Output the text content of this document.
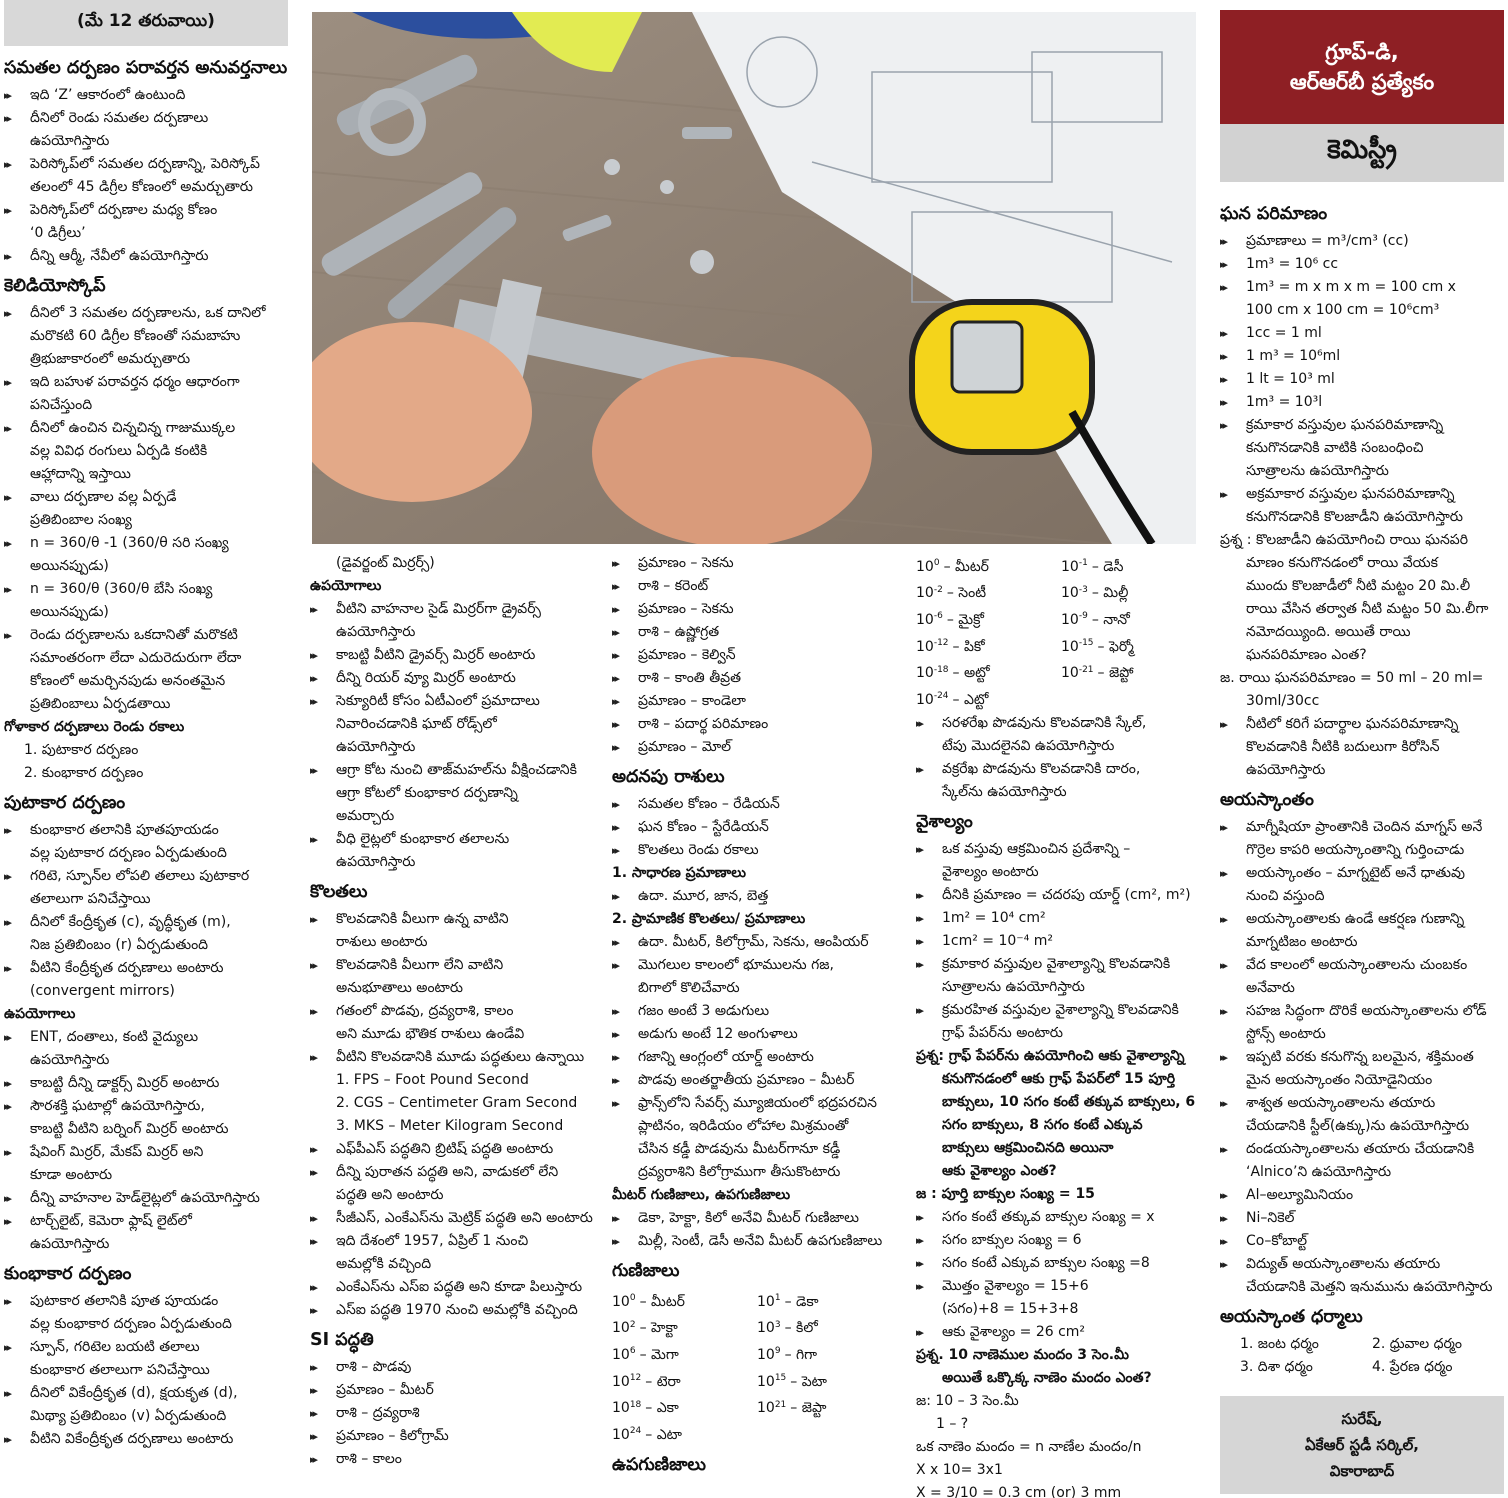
(మే 12 తరువాయి)
సమతల దర్పణం పరావర్తన అనువర్తనాలు
▸▸ ఇది ‘Z’ ఆకారంలో ఉంటుంది
▸▸ దీనిలో రెండు సమతల దర్పణాలు
ఉపయోగిస్తారు
▸▸ పెరిస్కోప్‌లో సమతల దర్పణాన్ని, పెరిస్కోప్
తలంలో 45 డిగ్రీల కోణంలో అమర్చుతారు
▸▸ పెరిస్కోప్‌లో దర్పణాల మధ్య కోణం
‘0 డిగ్రీలు’
▸▸ దీన్ని ఆర్మీ, నేవీలో ఉపయోగిస్తారు
కెలిడియోస్కోప్
▸▸ దీనిలో 3 సమతల దర్పణాలను, ఒక దానిలో
మరొకటి 60 డిగ్రీల కోణంతో సమబాహు
త్రిభుజాకారంలో అమర్చుతారు
▸▸ ఇది బహుళ పరావర్తన ధర్మం ఆధారంగా
పనిచేస్తుంది
▸▸ దీనిలో ఉంచిన చిన్నచిన్న గాజుముక్కల
వల్ల వివిధ రంగులు ఏర్పడి కంటికి
ఆహ్లాదాన్ని ఇస్తాయి
▸▸ వాలు దర్పణాల వల్ల ఏర్పడే
ప్రతిబింబాల సంఖ్య
▸▸ n = 360/θ -1 (360/θ సరి సంఖ్య
అయినప్పుడు)
▸▸ n = 360/θ (360/θ బేసి సంఖ్య
అయినప్పుడు)
▸▸ రెండు దర్పణాలను ఒకదానితో మరొకటి
సమాంతరంగా లేదా ఎదురెదురుగా లేదా
కోణంలో అమర్చినపుడు అనంతమైన
ప్రతిబింబాలు ఏర్పడతాయి
గోళాకార దర్పణాలు రెండు రకాలు
1. పుటాకార దర్పణం
2. కుంభాకార దర్పణం
పుటాకార దర్పణం
▸▸ కుంభాకార తలానికి పూతపూయడం
వల్ల పుటాకార దర్పణం ఏర్పడుతుంది
▸▸ గరిటె, స్పూన్‌ల లోపలి తలాలు పుటాకార
తలాలుగా పనిచేస్తాయి
▸▸ దీనిలో కేంద్రీకృత (c), వృద్ధీకృత (m),
నిజ ప్రతిబింబం (r) ఏర్పడుతుంది
▸▸ వీటిని కేంద్రీకృత దర్పణాలు అంటారు
(convergent mirrors)
ఉపయోగాలు
▸▸ ENT, దంతాలు, కంటి వైద్యులు
ఉపయోగిస్తారు
▸▸ కాబట్టి దీన్ని డాక్టర్స్ మిర్రర్ అంటారు
▸▸ సౌరశక్తి ఘటాల్లో ఉపయోగిస్తారు,
కాబట్టి వీటిని బర్నింగ్ మిర్రర్ అంటారు
▸▸ షేవింగ్ మిర్రర్, మేకప్ మిర్రర్ అని
కూడా అంటారు
▸▸ దీన్ని వాహనాల హెడ్‌లైట్లలో ఉపయోగిస్తారు
▸▸ టార్చ్‌లైట్, కెమెరా ఫ్లాష్ లైట్‌లో
ఉపయోగిస్తారు
కుంభాకార దర్పణం
▸▸ పుటాకార తలానికి పూత పూయడం
వల్ల కుంభాకార దర్పణం ఏర్పడుతుంది
▸▸ స్పూన్, గరిటెల బయటి తలాలు
కుంభాకార తలాలుగా పనిచేస్తాయి
▸▸ దీనిలో వికేంద్రీకృత (d), క్షయకృత (d),
మిథ్యా ప్రతిబింబం (v) ఏర్పడుతుంది
▸▸ వీటిని వికేంద్రీకృత దర్పణాలు అంటారు
(డైవర్జంట్ మిర్రర్స్)
ఉపయోగాలు
▸▸ వీటిని వాహనాల సైడ్ మిర్రర్‌గా డ్రైవర్స్
ఉపయోగిస్తారు
▸▸ కాబట్టి వీటిని డ్రైవర్స్ మిర్రర్ అంటారు
▸▸ దీన్ని రియర్ వ్యూ మిర్రర్ అంటారు
▸▸ సెక్యూరిటీ కోసం ఏటీఎంలో ప్రమాదాలు
నివారించడానికి ఘాట్ రోడ్స్‌లో
ఉపయోగిస్తారు
▸▸ ఆగ్రా కోట నుంచి తాజ్‌మహల్‌ను వీక్షించడానికి
ఆగ్రా కోటలో కుంభాకార దర్పణాన్ని
అమర్చారు
▸▸ వీధి లైట్లలో కుంభాకార తలాలను
ఉపయోగిస్తారు
కొలతలు
▸▸ కొలవడానికి వీలుగా ఉన్న వాటిని
రాశులు అంటారు
▸▸ కొలవడానికి వీలుగా లేని వాటిని
అనుభూతాలు అంటారు
▸▸ గతంలో పొడవు, ద్రవ్యరాశి, కాలం
అని మూడు భౌతిక రాశులు ఉండేవి
▸▸ వీటిని కొలవడానికి మూడు పద్ధతులు ఉన్నాయి
1. FPS – Foot Pound Second
2. CGS – Centimeter Gram Second
3. MKS – Meter Kilogram Second
▸▸ ఎఫ్‌పీఎస్ పద్ధతిని బ్రిటిష్ పద్ధతి అంటారు
▸▸ దీన్ని పురాతన పద్ధతి అని, వాడుకలో లేని
పద్ధతి అని అంటారు
▸▸ సీజీఎస్, ఎంకేఎస్‌ను మెట్రిక్ పద్ధతి అని అంటారు
▸▸ ఇది దేశంలో 1957, ఏప్రిల్ 1 నుంచి
అమల్లోకి వచ్చింది
▸▸ ఎంకేఎస్‌ను ఎస్ఐ పద్ధతి అని కూడా పిలుస్తారు
▸▸ ఎస్ఐ పద్ధతి 1970 నుంచి అమల్లోకి వచ్చింది
SI పద్ధతి
▸▸ రాశి – పొడవు
▸▸ ప్రమాణం – మీటర్
▸▸ రాశి – ద్రవ్యరాశి
▸▸ ప్రమాణం – కిలోగ్రామ్
▸▸ రాశి – కాలం
▸▸ ప్రమాణం – సెకను
▸▸ రాశి – కరెంట్
▸▸ ప్రమాణం – సెకను
▸▸ రాశి – ఉష్ణోగ్రత
▸▸ ప్రమాణం – కెల్విన్
▸▸ రాశి – కాంతి తీవ్రత
▸▸ ప్రమాణం – కాండెలా
▸▸ రాశి – పదార్థ పరిమాణం
▸▸ ప్రమాణం – మోల్
అదనపు రాశులు
▸▸ సమతల కోణం – రేడియన్
▸▸ ఘన కోణం – స్టేరేడియన్
▸▸ కొలతలు రెండు రకాలు
1. సాధారణ ప్రమాణాలు
▸▸ ఉదా. మూర, జాన, బెత్త
2. ప్రామాణిక కొలతలు/ ప్రమాణాలు
▸▸ ఉదా. మీటర్, కిలోగ్రామ్, సెకను, ఆంపియర్
▸▸ మొగలుల కాలంలో భూములను గజ,
బిగాలో కొలిచేవారు
▸▸ గజం అంటే 3 అడుగులు
▸▸ అడుగు అంటే 12 అంగుళాలు
▸▸ గజాన్ని ఆంగ్లంలో యార్డ్ అంటారు
▸▸ పొడవు అంతర్జాతీయ ప్రమాణం – మీటర్
▸▸ ఫ్రాన్స్‌లోని సేవర్స్ మ్యూజియంలో భద్రపరచిన
ప్లాటినం, ఇరిడియం లోహాల మిశ్రమంతో
చేసిన కడ్డీ పొడవును మీటర్‌గానూ కడ్డీ
ద్రవ్యరాశిని కిలోగ్రాముగా తీసుకొంటారు
మీటర్ గుణిజాలు, ఉపగుణిజాలు
▸▸ డెకా, హెక్టా, కిలో అనేవి మీటర్ గుణిజాలు
▸▸ మిల్లీ, సెంటీ, డెసీ అనేవి మీటర్ ఉపగుణిజాలు
గుణిజాలు
$10^0$ – మీటర్	$10^1$ – డెకా
$10^2$ – హెక్టా	$10^3$ – కిలో
$10^6$ – మెగా	$10^9$ – గిగా
$10^{12}$ – టెరా	$10^{15}$ – పెటా
$10^{18}$ – ఎకా	$10^{21}$ – జెప్టా
$10^{24}$ – ఎటా
ఉపగుణిజాలు
$10^0$ – మీటర్	$10^{-1}$ – డెసీ
$10^{-2}$ – సెంటీ	$10^{-3}$ – మిల్లీ
$10^{-6}$ – మైక్రో	$10^{-9}$ – నానో
$10^{-12}$ – పికో	$10^{-15}$ – ఫెర్మో
$10^{-18}$ – అట్టో	$10^{-21}$ – జెప్టో
$10^{-24}$ – ఎట్టో
▸▸ సరళరేఖ పొడవును కొలవడానికి స్కేల్,
టేపు మొదలైనవి ఉపయోగిస్తారు
▸▸ వక్రరేఖ పొడవును కొలవడానికి దారం,
స్కేల్‌ను ఉపయోగిస్తారు
వైశాల్యం
▸▸ ఒక వస్తువు ఆక్రమించిన ప్రదేశాన్ని –
వైశాల్యం అంటారు
▸▸ దీనికి ప్రమాణం = చదరపు యార్డ్ (cm², m²)
▸▸ 1m² = 10⁴ cm²
▸▸ 1cm² = 10⁻⁴ m²
▸▸ క్రమాకార వస్తువుల వైశాల్యాన్ని కొలవడానికి
సూత్రాలను ఉపయోగిస్తారు
▸▸ క్రమరహిత వస్తువుల వైశాల్యాన్ని కొలవడానికి
గ్రాఫ్ పేపర్‌ను అంటారు
ప్రశ్న: గ్రాఫ్ పేపర్‌ను ఉపయోగించి ఆకు వైశాల్యాన్ని
కనుగొనడంలో ఆకు గ్రాఫ్ పేపర్‌లో 15 పూర్తి
బాక్సులు, 10 సగం కంటే తక్కువ బాక్సులు, 6
సగం బాక్సులు, 8 సగం కంటే ఎక్కువ
బాక్సులు ఆక్రమించినది అయినా
ఆకు వైశాల్యం ఎంత?
జ : పూర్తి బాక్సుల సంఖ్య = 15
▸▸ సగం కంటే తక్కువ బాక్సుల సంఖ్య = x
▸▸ సగం బాక్సుల సంఖ్య = 6
▸▸ సగం కంటే ఎక్కువ బాక్సుల సంఖ్య =8
▸▸ మొత్తం వైశాల్యం = 15+6
(సగం)+8 = 15+3+8
▸▸ ఆకు వైశాల్యం = 26 cm²
ప్రశ్న. 10 నాణెముల మందం 3 సెం.మీ
అయితే ఒక్కొక్క నాణెం మందం ఎంత?
జ: 10 – 3 సెం.మీ
1 – ?
ఒక నాణెం మందం = n నాణేల మందం/n
X x 10= 3x1
X = 3/10 = 0.3 cm (or) 3 mm
గ్రూప్-డి,
ఆర్‌ఆర్‌బీ ప్రత్యేకం
కెమిస్ట్రీ
ఘన పరిమాణం
▸▸ ప్రమాణాలు = m³/cm³ (cc)
▸▸ 1m³ = 10⁶ cc
▸▸ 1m³ = m x m x m = 100 cm x
100 cm x 100 cm = 10⁶cm³
▸▸ 1cc = 1 ml
▸▸ 1 m³ = 10⁶ml
▸▸ 1 lt = 10³ ml
▸▸ 1m³ = 10³l
▸▸ క్రమాకార వస్తువుల ఘనపరిమాణాన్ని
కనుగొనడానికి వాటికి సంబంధించి
సూత్రాలను ఉపయోగిస్తారు
▸▸ అక్రమాకార వస్తువుల ఘనపరిమాణాన్ని
కనుగొనడానికి కొలజాడీని ఉపయోగిస్తారు
ప్రశ్న : కొలజాడీని ఉపయోగించి రాయి ఘనపరి
మాణం కనుగొనడంలో రాయి వేయక
ముందు కొలజాడీలో నీటి మట్టం 20 మి.లీ
రాయి వేసిన తర్వాత నీటి మట్టం 50 మి.లీగా
నమోదయ్యింది. అయితే రాయి
ఘనపరిమాణం ఎంత?
జ. రాయి ఘనపరిమాణం = 50 ml – 20 ml=
30ml/30cc
▸▸ నీటిలో కరిగే పదార్థాల ఘనపరిమాణాన్ని
కొలవడానికి నీటికి బదులుగా కిరోసిన్
ఉపయోగిస్తారు
అయస్కాంతం
▸▸ మాగ్నీషియా ప్రాంతానికి చెందిన మాగ్నస్ అనే
గొర్రెల కాపరి అయస్కాంతాన్ని గుర్తించాడు
▸▸ అయస్కాంతం – మాగ్నటైట్ అనే ధాతువు
నుంచి వస్తుంది
▸▸ అయస్కాంతాలకు ఉండే ఆకర్షణ గుణాన్ని
మాగ్నటిజం అంటారు
▸▸ వేద కాలంలో అయస్కాంతాలను చుంబకం
అనేవారు
▸▸ సహజ సిద్ధంగా దొరికే అయస్కాంతాలను లోడ్
స్టోన్స్ అంటారు
▸▸ ఇప్పటి వరకు కనుగొన్న బలమైన, శక్తిమంత
మైన అయస్కాంతం నియోడైనియం
▸▸ శాశ్వత అయస్కాంతాలను తయారు
చేయడానికి స్టీల్(ఉక్కు)ను ఉపయోగిస్తారు
▸▸ దండయస్కాంతాలను తయారు చేయడానికి
‘Alnico’ని ఉపయోగిస్తారు
▸▸ Al–అల్యూమినియం
▸▸ Ni–నికెల్
▸▸ Co–కోబాల్ట్
▸▸ విద్యుత్ అయస్కాంతాలను తయారు
చేయడానికి మెత్తని ఇనుమును ఉపయోగిస్తారు
అయస్కాంత ధర్మాలు
1. జంట ధర్మం	2. ధ్రువాల ధర్మం
3. దిశా ధర్మం	4. ప్రేరణ ధర్మం
సురేష్,
ఏకేఆర్ స్టడీ సర్కిల్,
వికారాబాద్
